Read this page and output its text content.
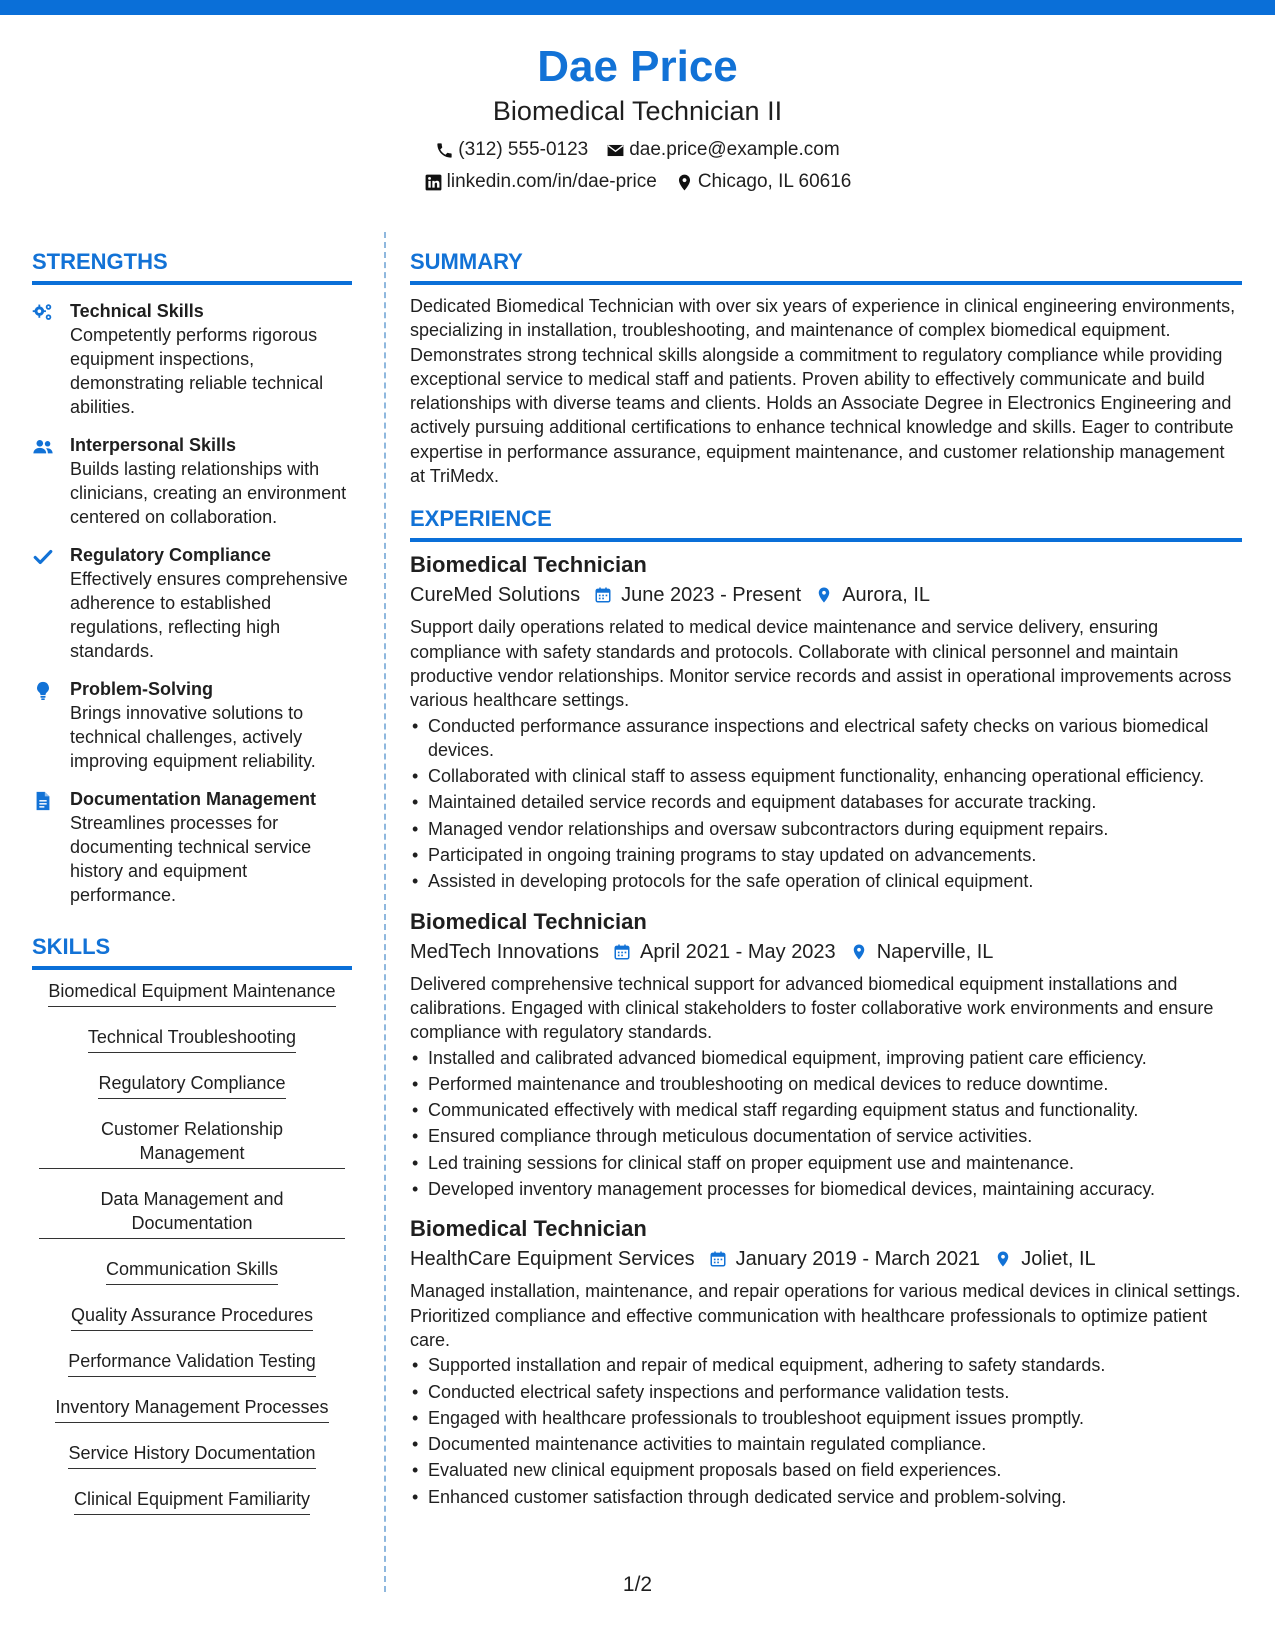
Dae Price
Biomedical Technician II
(312) 555-0123 dae.price@example.com
linkedin.com/in/dae-price Chicago, IL 60616
STRENGTHS
Technical Skills
Competently performs rigorous equipment inspections, demonstrating reliable technical abilities.
Interpersonal Skills
Builds lasting relationships with clinicians, creating an environment centered on collaboration.
Regulatory Compliance
Effectively ensures comprehensive adherence to established regulations, reflecting high standards.
Problem-Solving
Brings innovative solutions to technical challenges, actively improving equipment reliability.
Documentation Management
Streamlines processes for documenting technical service history and equipment performance.
SKILLS
Biomedical Equipment Maintenance
Technical Troubleshooting
Regulatory Compliance
Customer Relationship Management
Data Management and Documentation
Communication Skills
Quality Assurance Procedures
Performance Validation Testing
Inventory Management Processes
Service History Documentation
Clinical Equipment Familiarity
SUMMARY
Dedicated Biomedical Technician with over six years of experience in clinical engineering environments, specializing in installation, troubleshooting, and maintenance of complex biomedical equipment. Demonstrates strong technical skills alongside a commitment to regulatory compliance while providing exceptional service to medical staff and patients. Proven ability to effectively communicate and build relationships with diverse teams and clients. Holds an Associate Degree in Electronics Engineering and actively pursuing additional certifications to enhance technical knowledge and skills. Eager to contribute expertise in performance assurance, equipment maintenance, and customer relationship management at TriMedx.
EXPERIENCE
Biomedical Technician
CureMed Solutions June 2023 - Present Aurora, IL
Support daily operations related to medical device maintenance and service delivery, ensuring compliance with safety standards and protocols. Collaborate with clinical personnel and maintain productive vendor relationships. Monitor service records and assist in operational improvements across various healthcare settings.
• Conducted performance assurance inspections and electrical safety checks on various biomedical devices.
• Collaborated with clinical staff to assess equipment functionality, enhancing operational efficiency.
• Maintained detailed service records and equipment databases for accurate tracking.
• Managed vendor relationships and oversaw subcontractors during equipment repairs.
• Participated in ongoing training programs to stay updated on advancements.
• Assisted in developing protocols for the safe operation of clinical equipment.
Biomedical Technician
MedTech Innovations April 2021 - May 2023 Naperville, IL
Delivered comprehensive technical support for advanced biomedical equipment installations and calibrations. Engaged with clinical stakeholders to foster collaborative work environments and ensure compliance with regulatory standards.
• Installed and calibrated advanced biomedical equipment, improving patient care efficiency.
• Performed maintenance and troubleshooting on medical devices to reduce downtime.
• Communicated effectively with medical staff regarding equipment status and functionality.
• Ensured compliance through meticulous documentation of service activities.
• Led training sessions for clinical staff on proper equipment use and maintenance.
• Developed inventory management processes for biomedical devices, maintaining accuracy.
Biomedical Technician
HealthCare Equipment Services January 2019 - March 2021 Joliet, IL
Managed installation, maintenance, and repair operations for various medical devices in clinical settings. Prioritized compliance and effective communication with healthcare professionals to optimize patient care.
• Supported installation and repair of medical equipment, adhering to safety standards.
• Conducted electrical safety inspections and performance validation tests.
• Engaged with healthcare professionals to troubleshoot equipment issues promptly.
• Documented maintenance activities to maintain regulated compliance.
• Evaluated new clinical equipment proposals based on field experiences.
• Enhanced customer satisfaction through dedicated service and problem-solving.
1/2
